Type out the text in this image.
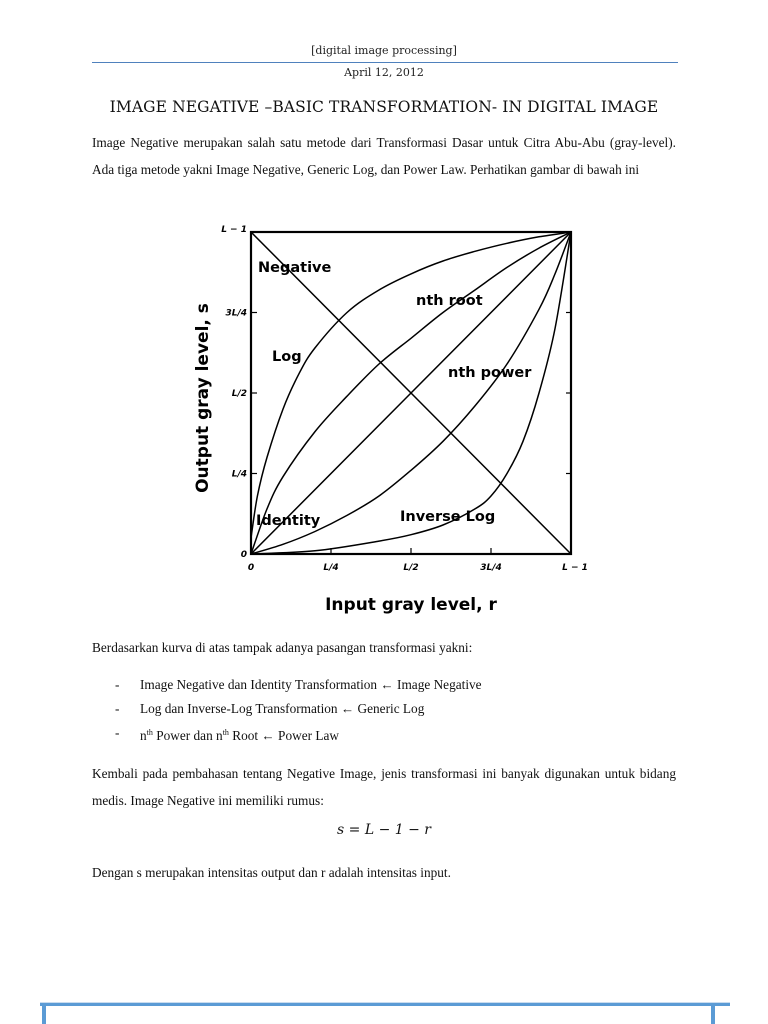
[digital image processing]
April 12, 2012
IMAGE NEGATIVE –BASIC TRANSFORMATION- IN DIGITAL IMAGE
Image Negative merupakan salah satu metode dari Transformasi Dasar untuk Citra Abu-Abu (gray-level). Ada tiga metode yakni Image Negative, Generic Log, dan Power Law. Perhatikan gambar di bawah ini
0	L/4	L/2	3L/4	L − 1
0
L/4
L/2
3L/4
L − 1
Negative
nth root
Log
nth power
Identity	Inverse Log
Input gray level, r
Output gray level, s
Berdasarkan kurva di atas tampak adanya pasangan transformasi yakni:
- Image Negative dan Identity Transformation ← Image Negative
- Log dan Inverse-Log Transformation ← Generic Log
- $n^{th}$ Power dan $n^{th}$ Root ← Power Law
Kembali pada pembahasan tentang Negative Image, jenis transformasi ini banyak digunakan untuk bidang medis. Image Negative ini memiliki rumus:
s = L − 1 − r
Dengan s merupakan intensitas output dan r adalah intensitas input.
